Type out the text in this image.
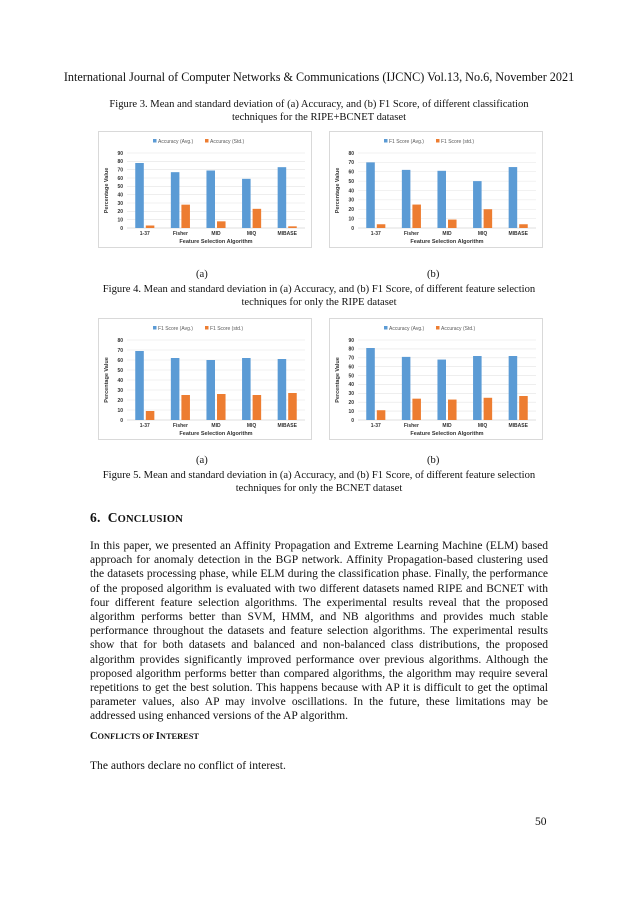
International Journal of Computer Networks & Communications (IJCNC) Vol.13, No.6, November 2021
Figure 3. Mean and standard deviation of (a) Accuracy, and (b) F1 Score, of different classification techniques for the RIPE+BCNET dataset
Accuracy (Avg.)	Accuracy (Std.)
0
10
20
30
40
50
60
70
80
90
1-37	Fisher	MID	MIQ	MIBASE
Feature Selection Algorithm
Percentage Value
F1 Score (Avg.)	F1 Score (std.)
0
10
20
30
40
50
60
70
80
1-37	Fisher	MID	MIQ	MIBASE
Feature Selection Algorithm
Percentage Value
(a)	(b)
Figure 4. Mean and standard deviation in (a) Accuracy, and (b) F1 Score, of different feature selection techniques for only the RIPE dataset
F1 Score (Avg.)	F1 Score (std.)
0
10
20
30
40
50
60
70
80
1-37	Fisher	MID	MIQ	MIBASE
Feature Selection Algorithm
Percentage Value
Accuracy (Avg.)	Accuracy (Std.)
0
10
20
30
40
50
60
70
80
90
1-37	Fisher	MID	MIQ	MIBASE
Feature Selection Algorithm
Percentage Value
(a)	(b)
Figure 5. Mean and standard deviation in (a) Accuracy, and (b) F1 Score, of different feature selection techniques for only the BCNET dataset
6. CONCLUSION
In this paper, we presented an Affinity Propagation and Extreme Learning Machine (ELM) based approach for anomaly detection in the BGP network. Affinity Propagation-based clustering used the datasets processing phase, while ELM during the classification phase. Finally, the performance of the proposed algorithm is evaluated with two different datasets named RIPE and BCNET with four different feature selection algorithms. The experimental results reveal that the proposed algorithm performs better than SVM, HMM, and NB algorithms and provides much stable performance throughout the datasets and feature selection algorithms. The experimental results show that for both datasets and balanced and non-balanced class distributions, the proposed algorithm provides significantly improved performance over previous algorithms. Although the proposed algorithm performs better than compared algorithms, the algorithm may require several repetitions to get the best solution. This happens because with AP it is difficult to get the optimal parameter values, also AP may involve oscillations. In the future, these limitations may be addressed using enhanced versions of the AP algorithm.
CONFLICTS OF INTEREST
The authors declare no conflict of interest.
50
